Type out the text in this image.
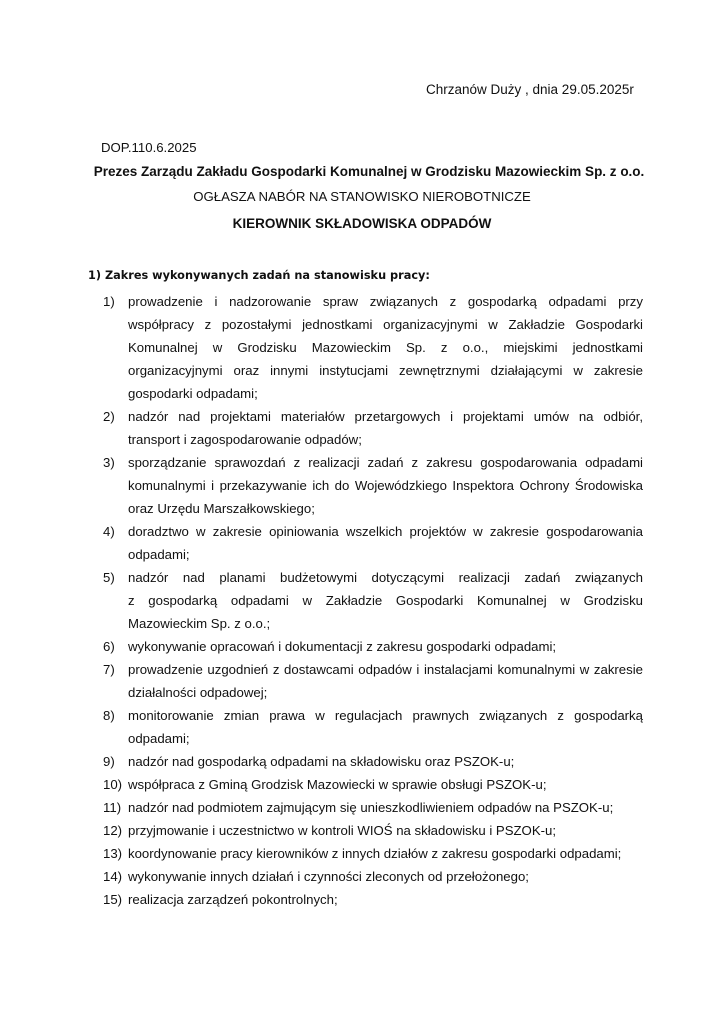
Chrzanów Duży , dnia 29.05.2025r
DOP.110.6.2025
Prezes Zarządu Zakładu Gospodarki Komunalnej w Grodzisku Mazowieckim Sp. z o.o.
OGŁASZA NABÓR NA STANOWISKO NIEROBOTNICZE
KIEROWNIK SKŁADOWISKA ODPADÓW
1) Zakres wykonywanych zadań na stanowisku pracy:
1)	prowadzenie i nadzorowanie spraw związanych z gospodarką odpadami przy
współpracy z pozostałymi jednostkami organizacyjnymi w Zakładzie Gospodarki
Komunalnej w Grodzisku Mazowieckim Sp. z o.o., miejskimi jednostkami
organizacyjnymi oraz innymi instytucjami zewnętrznymi działającymi w zakresie
gospodarki odpadami;
2)	nadzór nad projektami materiałów przetargowych i projektami umów na odbiór,
transport i zagospodarowanie odpadów;
3)	sporządzanie sprawozdań z realizacji zadań z zakresu gospodarowania odpadami
komunalnymi i przekazywanie ich do Wojewódzkiego Inspektora Ochrony Środowiska
oraz Urzędu Marszałkowskiego;
4)	doradztwo w zakresie opiniowania wszelkich projektów w zakresie gospodarowania
odpadami;
5)	nadzór nad planami budżetowymi dotyczącymi realizacji zadań związanych
z gospodarką odpadami w Zakładzie Gospodarki Komunalnej w Grodzisku
Mazowieckim Sp. z o.o.;
6)	wykonywanie opracowań i dokumentacji z zakresu gospodarki odpadami;
7)	prowadzenie uzgodnień z dostawcami odpadów i instalacjami komunalnymi w zakresie
działalności odpadowej;
8)	monitorowanie zmian prawa w regulacjach prawnych związanych z gospodarką
odpadami;
9)	nadzór nad gospodarką odpadami na składowisku oraz PSZOK-u;
10) współpraca z Gminą Grodzisk Mazowiecki w sprawie obsługi PSZOK-u;
11) nadzór nad podmiotem zajmującym się unieszkodliwieniem odpadów na PSZOK-u;
12) przyjmowanie i uczestnictwo w kontroli WIOŚ na składowisku i PSZOK-u;
13) koordynowanie pracy kierowników z innych działów z zakresu gospodarki odpadami;
14) wykonywanie innych działań i czynności zleconych od przełożonego;
15) realizacja zarządzeń pokontrolnych;
